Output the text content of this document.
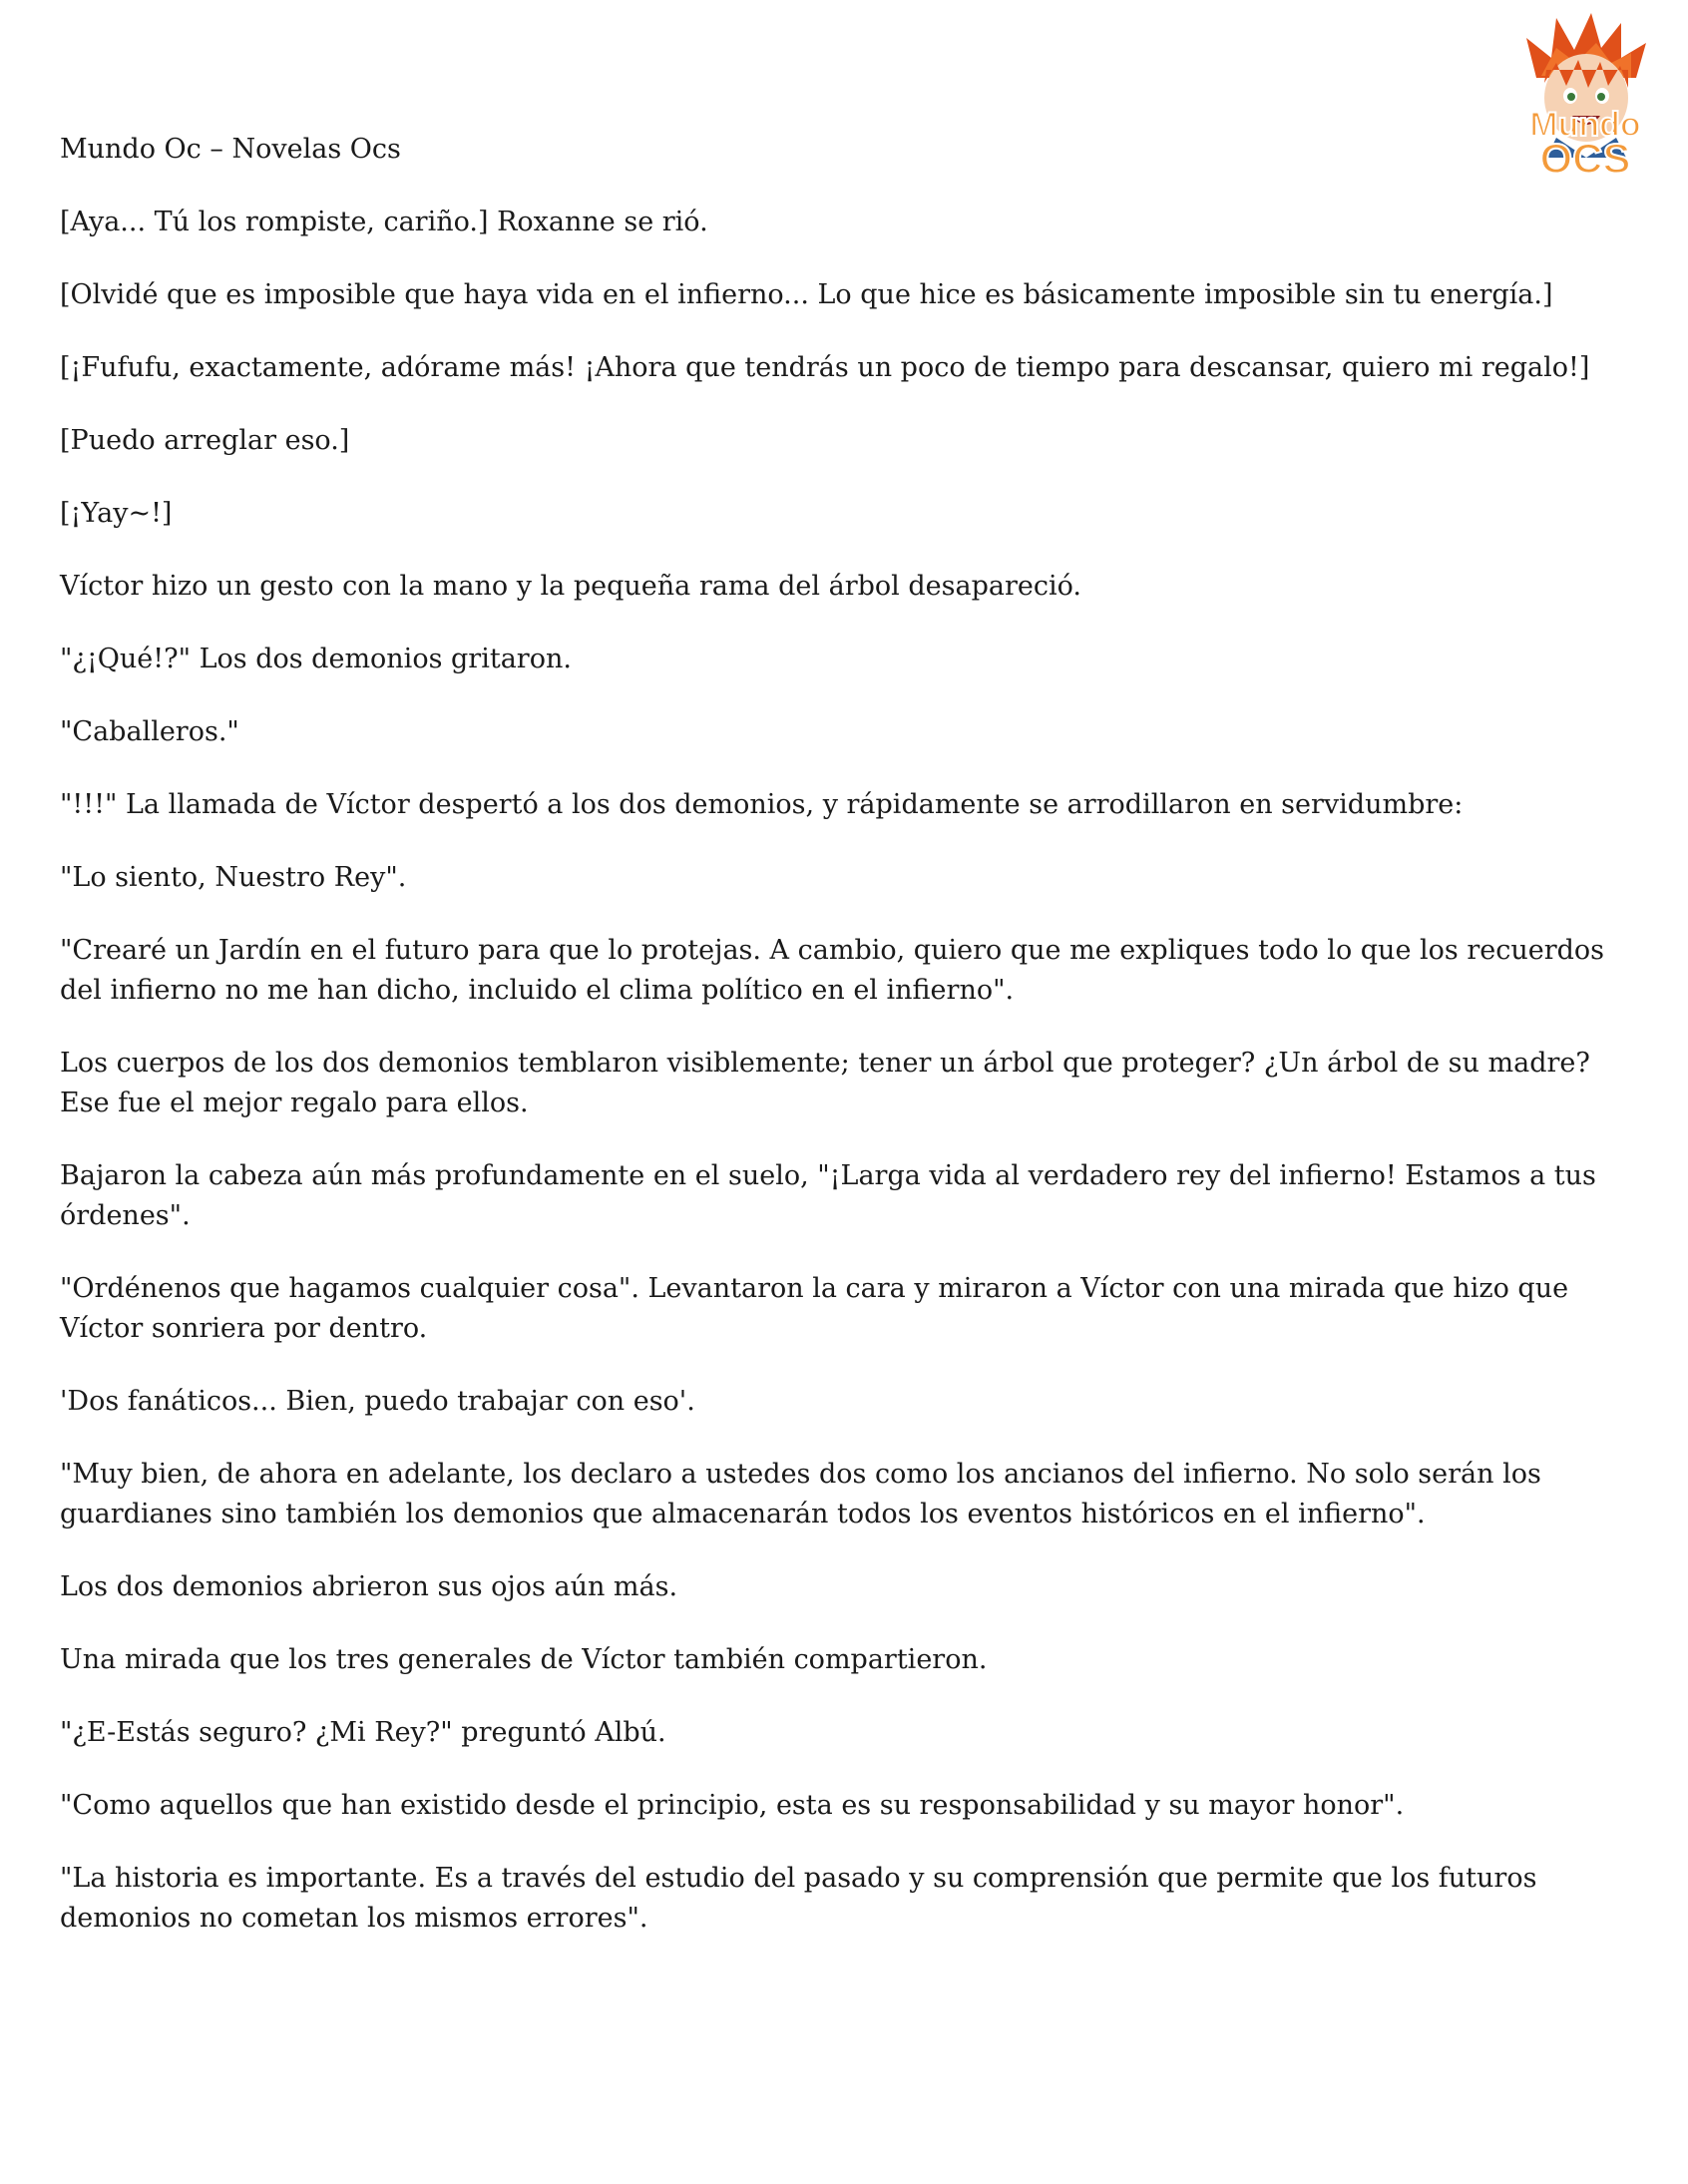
Mundo
OCS

Mundo Oc – Novelas Ocs

[Aya... Tú los rompiste, cariño.] Roxanne se rió.

[Olvidé que es imposible que haya vida en el infierno... Lo que hice es básicamente imposible sin tu energía.]

[¡Fufufu, exactamente, adórame más! ¡Ahora que tendrás un poco de tiempo para descansar, quiero mi regalo!]

[Puedo arreglar eso.]

[¡Yay~!]

Víctor hizo un gesto con la mano y la pequeña rama del árbol desapareció.

"¿¡Qué!?" Los dos demonios gritaron.

"Caballeros."

"!!!" La llamada de Víctor despertó a los dos demonios, y rápidamente se arrodillaron en servidumbre:

"Lo siento, Nuestro Rey".

"Crearé un Jardín en el futuro para que lo protejas. A cambio, quiero que me expliques todo lo que los recuerdos del infierno no me han dicho, incluido el clima político en el infierno".

Los cuerpos de los dos demonios temblaron visiblemente; tener un árbol que proteger? ¿Un árbol de su madre? Ese fue el mejor regalo para ellos.

Bajaron la cabeza aún más profundamente en el suelo, "¡Larga vida al verdadero rey del infierno! Estamos a tus órdenes".

"Ordénenos que hagamos cualquier cosa". Levantaron la cara y miraron a Víctor con una mirada que hizo que Víctor sonriera por dentro.

'Dos fanáticos... Bien, puedo trabajar con eso'.

"Muy bien, de ahora en adelante, los declaro a ustedes dos como los ancianos del infierno. No solo serán los guardianes sino también los demonios que almacenarán todos los eventos históricos en el infierno".

Los dos demonios abrieron sus ojos aún más.

Una mirada que los tres generales de Víctor también compartieron.

"¿E-Estás seguro? ¿Mi Rey?" preguntó Albú.

"Como aquellos que han existido desde el principio, esta es su responsabilidad y su mayor honor".

"La historia es importante. Es a través del estudio del pasado y su comprensión que permite que los futuros demonios no cometan los mismos errores".
